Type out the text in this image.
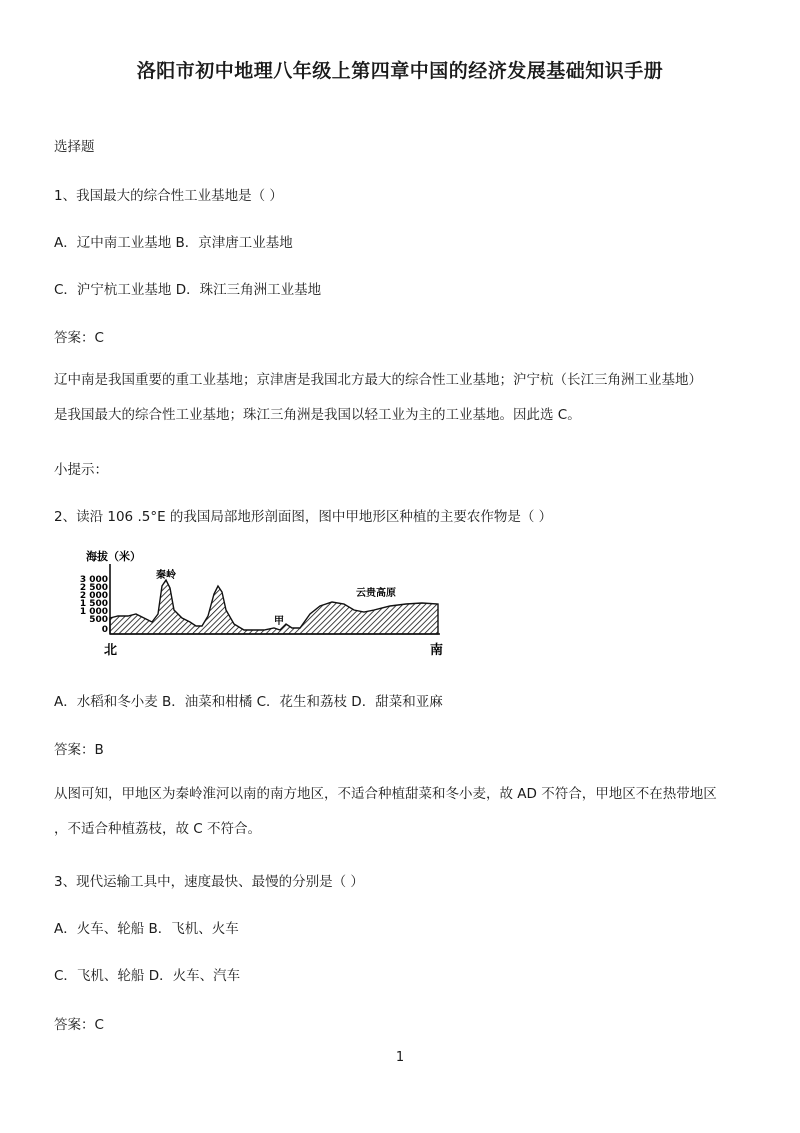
洛阳市初中地理八年级上第四章中国的经济发展基础知识手册
选择题
1、我国最大的综合性工业基地是（ ）
A．辽中南工业基地 B．京津唐工业基地
C．沪宁杭工业基地 D．珠江三角洲工业基地
答案：C
辽中南是我国重要的重工业基地；京津唐是我国北方最大的综合性工业基地；沪宁杭（长江三角洲工业基地）
是我国最大的综合性工业基地；珠江三角洲是我国以轻工业为主的工业基地。因此选 C。
小提示：
2、读沿 106 .5°E 的我国局部地形剖面图，图中甲地形区种植的主要农作物是（ ）
海拔（米）
3 000
2 500
2 000
1 500
1 000
500
0
秦岭
云贵高原
甲
北	南
A．水稻和冬小麦 B．油菜和柑橘 C．花生和荔枝 D．甜菜和亚麻
答案：B
从图可知，甲地区为秦岭淮河以南的南方地区，不适合种植甜菜和冬小麦，故 AD 不符合，甲地区不在热带地区
，不适合种植荔枝，故 C 不符合。
3、现代运输工具中，速度最快、最慢的分别是（ ）
A．火车、轮船 B．飞机、火车
C．飞机、轮船 D．火车、汽车
答案：C
1
